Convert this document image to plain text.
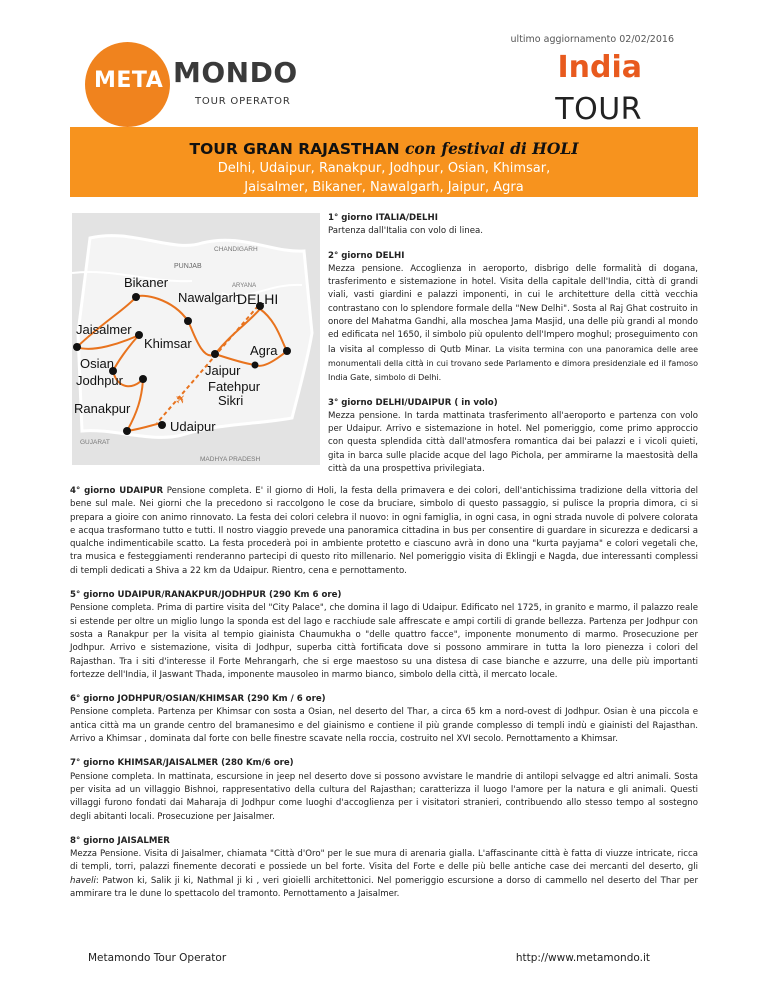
ultimo aggiornamento 02/02/2016
META MONDO
TOUR OPERATOR
India
TOUR
TOUR GRAN RAJASTHAN con festival di HOLI
Delhi, Udaipur, Ranakpur, Jodhpur, Osian, Khimsar,
Jaisalmer, Bikaner, Nawalgarh, Jaipur, Agra
CHANDIGARH
PUNJAB
ARYANA
GUJARAT
MADHYA PRADESH
✈
Bikaner
Nawalgarh
DELHI
Jaisalmer
Khimsar	Agra
Osian
Jodhpur
Jaipur
Fatehpur
Sikri
Ranakpur
Udaipur

1° giorno ITALIA/DELHI
Partenza dall'Italia con volo di linea.

2° giorno DELHI
Mezza pensione. Accoglienza in aeroporto, disbrigo delle formalità di dogana, trasferimento e sistemazione in hotel. Visita della capitale dell'India, città di grandi viali, vasti giardini e palazzi imponenti, in cui le architetture della città vecchia contrastano con lo splendore formale della "New Delhi". Sosta al Raj Ghat costruito in onore del Mahatma Gandhi, alla moschea Jama Masjid, una delle più grandi al mondo ed edificata nel 1650, il simbolo più opulento dell'Impero moghul; proseguimento con la visita al complesso di Qutb Minar. La visita termina con una panoramica delle aree monumentali della città in cui trovano sede Parlamento e dimora presidenziale ed il famoso India Gate, simbolo di Delhi.

3° giorno DELHI/UDAIPUR ( in volo)
Mezza pensione. In tarda mattinata trasferimento all'aeroporto e partenza con volo per Udaipur. Arrivo e sistemazione in hotel. Nel pomeriggio, come primo approccio con questa splendida città dall'atmosfera romantica dai bei palazzi e i vicoli quieti, gita in barca sulle placide acque del lago Pichola, per ammirarne la maestosità della città da una prospettiva privilegiata.

4° giorno UDAIPUR Pensione completa. E' il giorno di Holi, la festa della primavera e dei colori, dell'antichissima tradizione della vittoria del bene sul male. Nei giorni che la precedono si raccolgono le cose da bruciare, simbolo di questo passaggio, si pulisce la propria dimora, ci si prepara a gioire con animo rinnovato. La festa dei colori celebra il nuovo: in ogni famiglia, in ogni casa, in ogni strada nuvole di polvere colorata e acqua trasformano tutto e tutti. Il nostro viaggio prevede una panoramica cittadina in bus per consentire di guardare in sicurezza e dedicarsi a qualche indimenticabile scatto. La festa procederà poi in ambiente protetto e ciascuno avrà in dono una "kurta payjama" e colori vegetali che, tra musica e festeggiamenti renderanno partecipi di questo rito millenario. Nel pomeriggio visita di Eklingji e Nagda, due interessanti complessi di templi dedicati a Shiva a 22 km da Udaipur. Rientro, cena e pernottamento.

5° giorno UDAIPUR/RANAKPUR/JODHPUR (290 Km 6 ore)
Pensione completa. Prima di partire visita del "City Palace", che domina il lago di Udaipur. Edificato nel 1725, in granito e marmo, il palazzo reale si estende per oltre un miglio lungo la sponda est del lago e racchiude sale affrescate e ampi cortili di grande bellezza. Partenza per Jodhpur con sosta a Ranakpur per la visita al tempio giainista Chaumukha o "delle quattro facce", imponente monumento di marmo. Prosecuzione per Jodhpur. Arrivo e sistemazione, visita di Jodhpur, superba città fortificata dove si possono ammirare in tutta la loro pienezza i colori del Rajasthan. Tra i siti d'interesse il Forte Mehrangarh, che si erge maestoso su una distesa di case bianche e azzurre, una delle più importanti fortezze dell'India, il Jaswant Thada, imponente mausoleo in marmo bianco, simbolo della città, il mercato locale.

6° giorno JODHPUR/OSIAN/KHIMSAR (290 Km / 6 ore)
Pensione completa. Partenza per Khimsar con sosta a Osian, nel deserto del Thar, a circa 65 km a nord-ovest di Jodhpur. Osian è una piccola e antica città ma un grande centro del bramanesimo e del giainismo e contiene il più grande complesso di templi indù e giainisti del Rajasthan. Arrivo a Khimsar , dominata dal forte con belle finestre scavate nella roccia, costruito nel XVI secolo. Pernottamento a Khimsar.

7° giorno KHIMSAR/JAISALMER (280 Km/6 ore)
Pensione completa. In mattinata, escursione in jeep nel deserto dove si possono avvistare le mandrie di antilopi selvagge ed altri animali. Sosta per visita ad un villaggio Bishnoi, rappresentativo della cultura del Rajasthan; caratterizza il luogo l'amore per la natura e gli animali. Questi villaggi furono fondati dai Maharaja di Jodhpur come luoghi d'accoglienza per i visitatori stranieri, contribuendo allo stesso tempo al sostegno degli abitanti locali. Prosecuzione per Jaisalmer.

8° giorno JAISALMER
Mezza Pensione. Visita di Jaisalmer, chiamata "Città d'Oro" per le sue mura di arenaria gialla. L'affascinante città è fatta di viuzze intricate, ricca di templi, torri, palazzi finemente decorati e possiede un bel forte. Visita del Forte e delle più belle antiche case dei mercanti del deserto, gli haveli: Patwon ki, Salik ji ki, Nathmal ji ki , veri gioielli architettonici. Nel pomeriggio escursione a dorso di cammello nel deserto del Thar per ammirare tra le dune lo spettacolo del tramonto. Pernottamento a Jaisalmer.

Metamondo Tour Operator	http://www.metamondo.it
